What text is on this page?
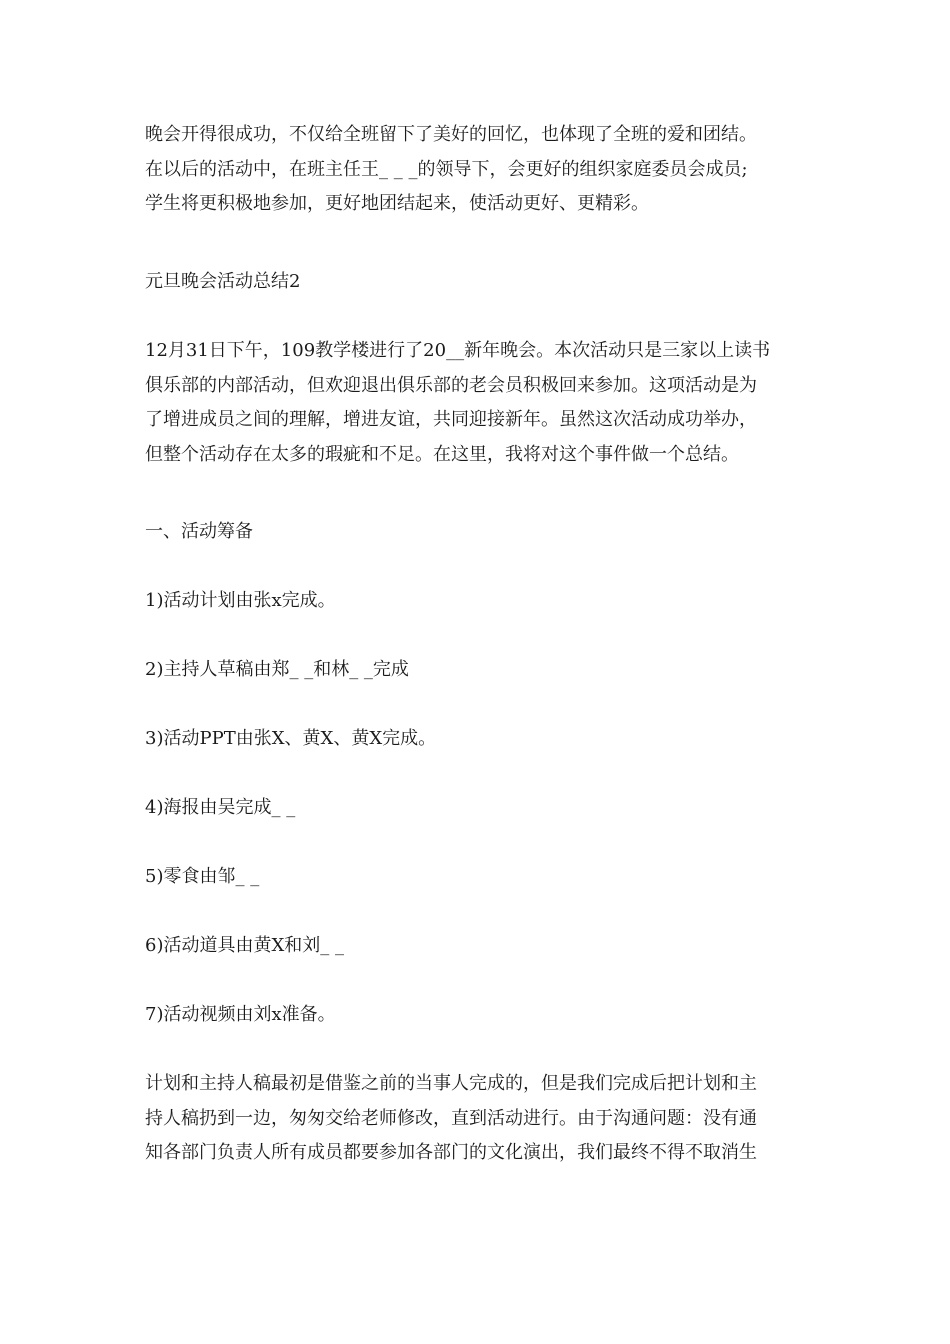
晚会开得很成功，不仅给全班留下了美好的回忆，也体现了全班的爱和团结。
在以后的活动中，在班主任王_ _ _的领导下，会更好的组织家庭委员会成员;
学生将更积极地参加，更好地团结起来，使活动更好、更精彩。

元旦晚会活动总结2

12月31日下午，109教学楼进行了20__新年晚会。本次活动只是三家以上读书
俱乐部的内部活动，但欢迎退出俱乐部的老会员积极回来参加。这项活动是为
了增进成员之间的理解，增进友谊，共同迎接新年。虽然这次活动成功举办，
但整个活动存在太多的瑕疵和不足。在这里，我将对这个事件做一个总结。

一、活动筹备

1)活动计划由张x完成。

2)主持人草稿由郑_ _和林_ _完成

3)活动PPT由张X、黄X、黄X完成。

4)海报由吴完成_ _

5)零食由邹_ _

6)活动道具由黄X和刘_ _

7)活动视频由刘x准备。

计划和主持人稿最初是借鉴之前的当事人完成的，但是我们完成后把计划和主
持人稿扔到一边，匆匆交给老师修改，直到活动进行。由于沟通问题：没有通
知各部门负责人所有成员都要参加各部门的文化演出，我们最终不得不取消生
